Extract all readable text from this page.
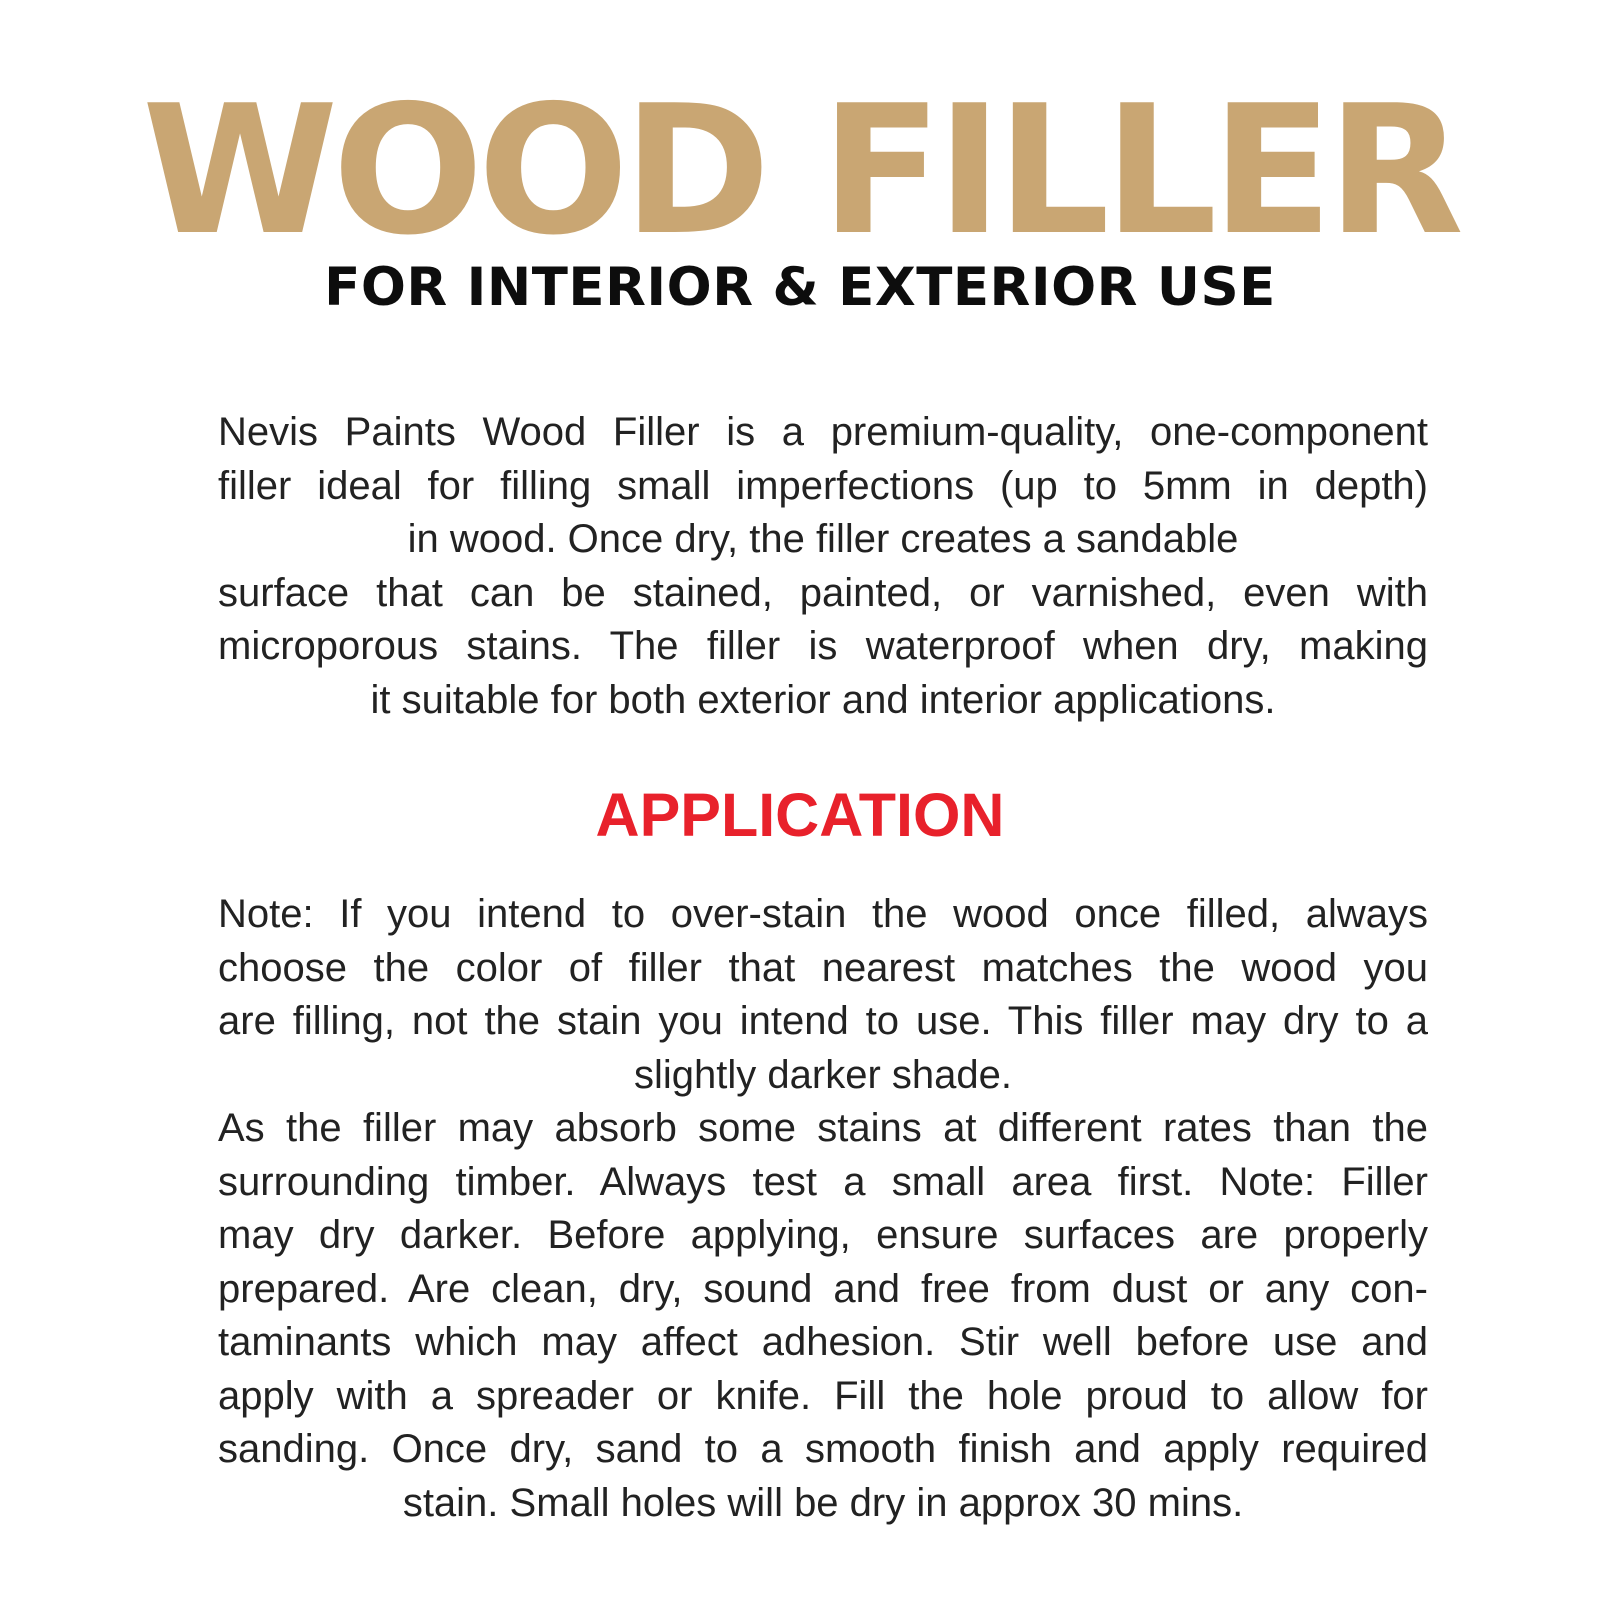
WOOD FILLER
FOR INTERIOR & EXTERIOR USE
Nevis Paints Wood Filler is a premium-quality, one-component
filler ideal for filling small imperfections (up to 5mm in depth)
in wood. Once dry, the filler creates a sandable
surface that can be stained, painted, or varnished, even with
microporous stains. The filler is waterproof when dry, making
it suitable for both exterior and interior applications.
APPLICATION
Note: If you intend to over-stain the wood once filled, always
choose the color of filler that nearest matches the wood you
are filling, not the stain you intend to use. This filler may dry to a
slightly darker shade.
As the filler may absorb some stains at different rates than the
surrounding timber. Always test a small area first. Note: Filler
may dry darker. Before applying, ensure surfaces are properly
prepared. Are clean, dry, sound and free from dust or any con-
taminants which may affect adhesion. Stir well before use and
apply with a spreader or knife. Fill the hole proud to allow for
sanding. Once dry, sand to a smooth finish and apply required
stain. Small holes will be dry in approx 30 mins.
